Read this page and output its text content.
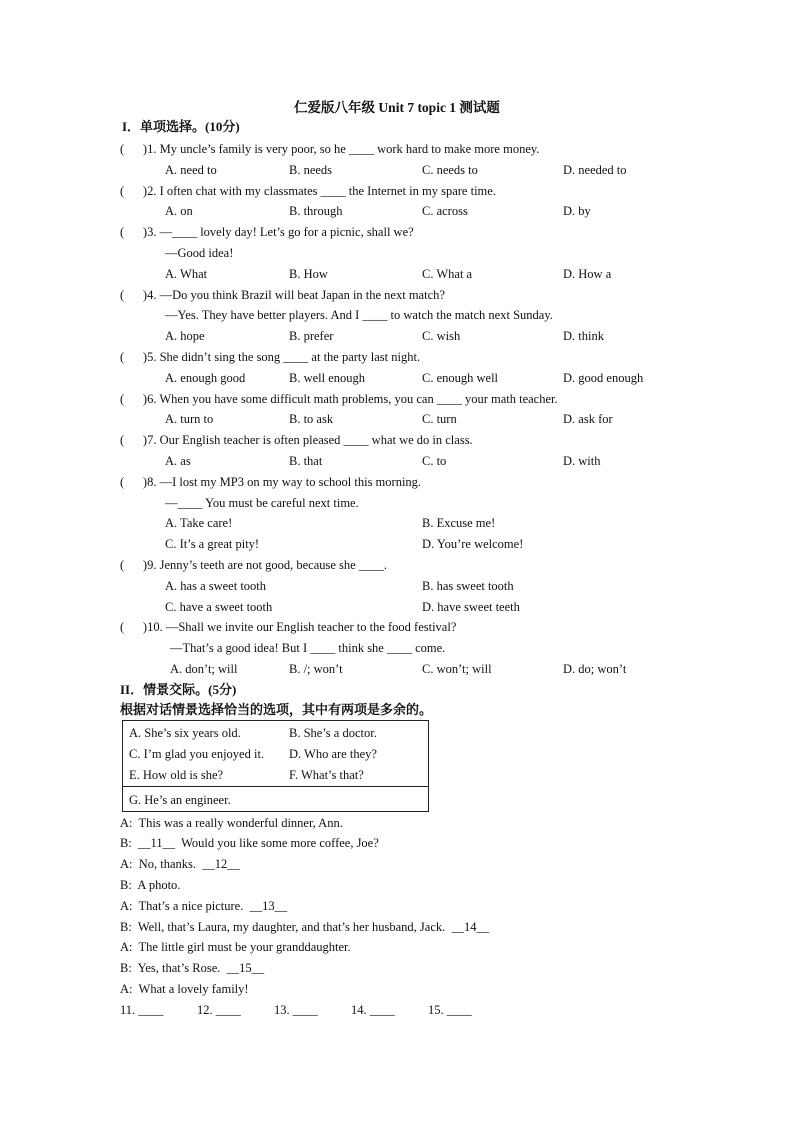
仁爱版八年级 Unit 7 topic 1 测试题
I．单项选择。(10分)
(      )1. My uncle’s family is very poor, so he ____ work hard to make more money.
A. need to	B. needs	C. needs to	D. needed to
(      )2. I often chat with my classmates ____ the Internet in my spare time.
A. on	B. through	C. across	D. by
(      )3. —____ lovely day! Let’s go for a picnic, shall we?
—Good idea!
A. What	B. How	C. What a	D. How a
(      )4. —Do you think Brazil will beat Japan in the next match?
—Yes. They have better players. And I ____ to watch the match next Sunday.
A. hope	B. prefer	C. wish	D. think
(      )5. She didn’t sing the song ____ at the party last night.
A. enough good	B. well enough	C. enough well	D. good enough
(      )6. When you have some difficult math problems, you can ____ your math teacher.
A. turn to	B. to ask	C. turn	D. ask for
(      )7. Our English teacher is often pleased ____ what we do in class.
A. as	B. that	C. to	D. with
(      )8. —I lost my MP3 on my way to school this morning.
—____ You must be careful next time.
A. Take care!	B. Excuse me!
C. It’s a great pity!	D. You’re welcome!
(      )9. Jenny’s teeth are not good, because she ____.
A. has a sweet tooth	B. has sweet tooth
C. have a sweet tooth	D. have sweet teeth
(      )10. —Shall we invite our English teacher to the food festival?
—That’s a good idea! But I ____ think she ____ come.
A. don’t; will	B. /; won’t	C. won’t; will	D. do; won’t
II．情景交际。(5分)
根据对话情景选择恰当的选项，其中有两项是多余的。
A. She’s six years old.	B. She’s a doctor.
C. I’m glad you enjoyed it. D. Who are they?
E. How old is she?	F. What’s that?
G. He’s an engineer.
A:  This was a really wonderful dinner, Ann.
B:  __11__  Would you like some more coffee, Joe?
A:  No, thanks.  __12__
B:  A photo.
A:  That’s a nice picture.  __13__
B:  Well, that’s Laura, my daughter, and that’s her husband, Jack.  __14__
A:  The little girl must be your granddaughter.
B:  Yes, that’s Rose.  __15__
A:  What a lovely family!
11. ____	12. ____	13. ____	14. ____	15. ____
